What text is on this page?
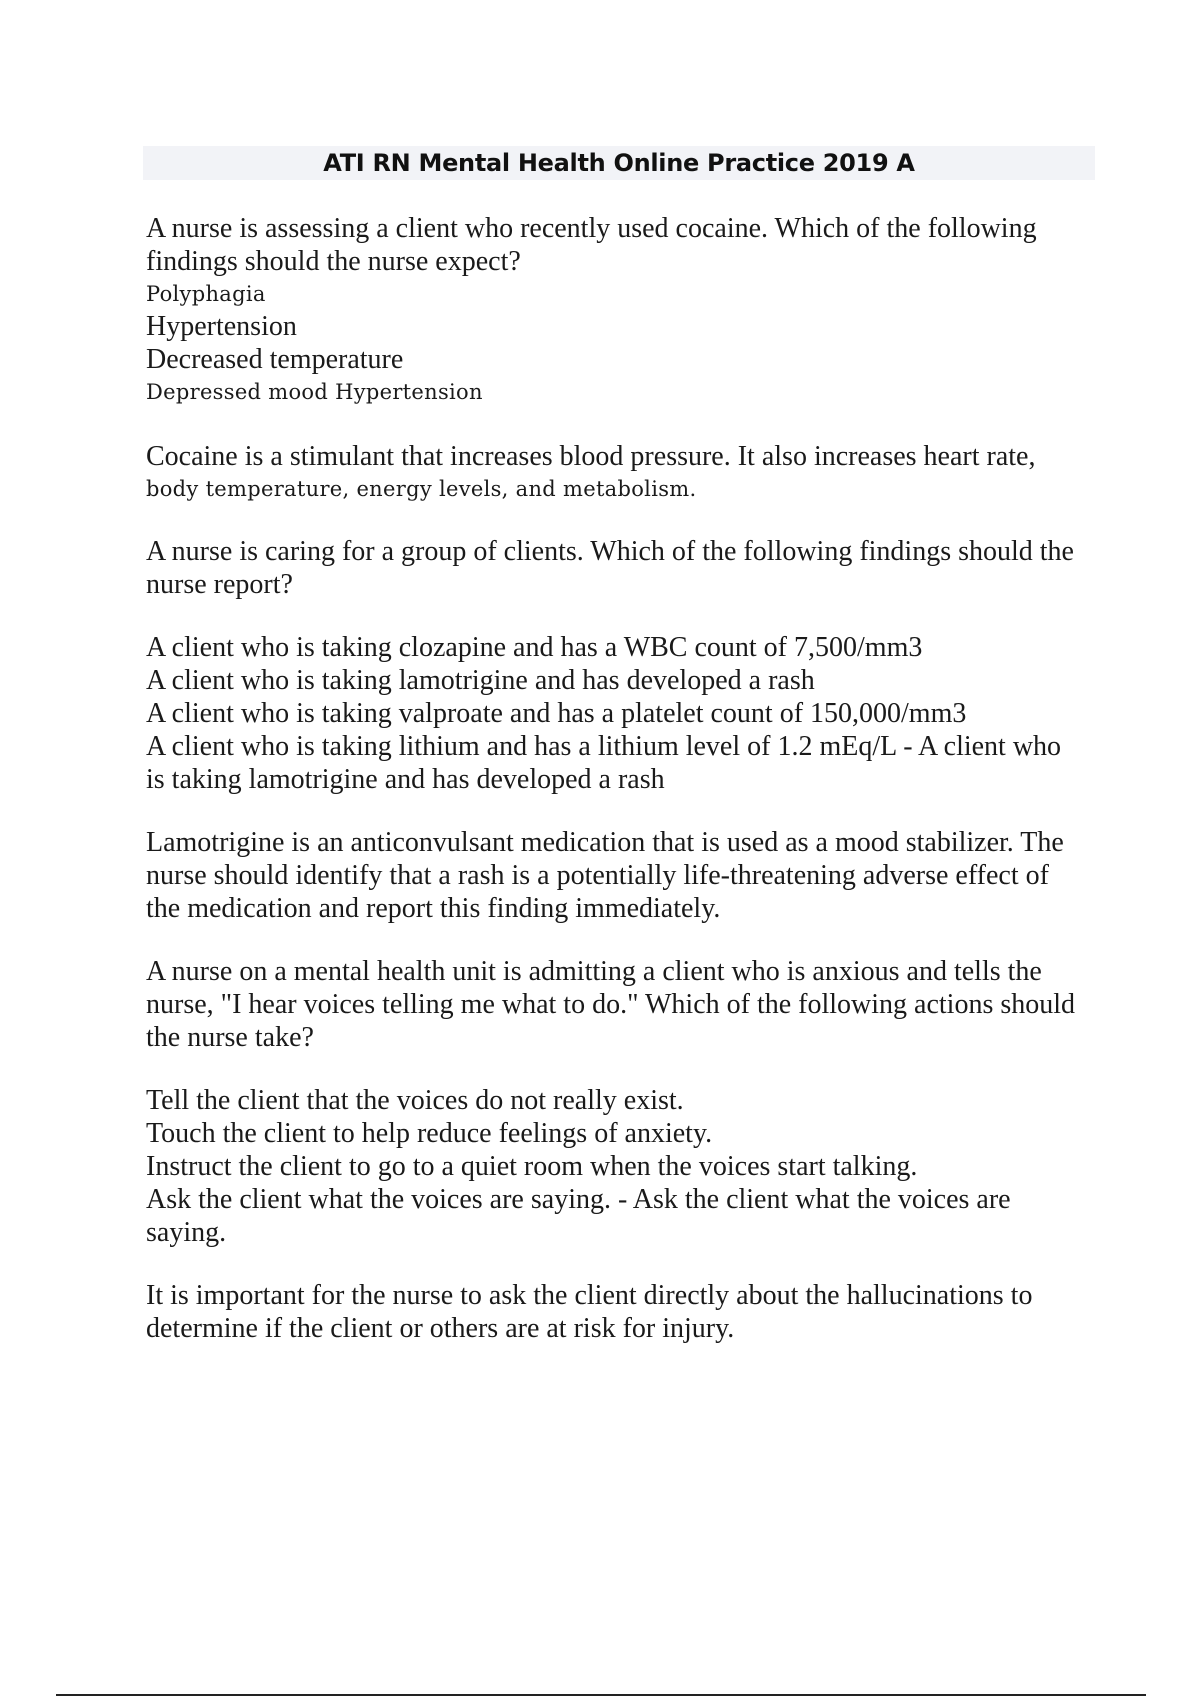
ATI RN Mental Health Online Practice 2019 A
A nurse is assessing a client who recently used cocaine. Which of the following
findings should the nurse expect?
Polyphagia
Hypertension
Decreased temperature
Depressed mood Hypertension
Cocaine is a stimulant that increases blood pressure. It also increases heart rate,
body temperature, energy levels, and metabolism.
A nurse is caring for a group of clients. Which of the following findings should the
nurse report?
A client who is taking clozapine and has a WBC count of 7,500/mm3
A client who is taking lamotrigine and has developed a rash
A client who is taking valproate and has a platelet count of 150,000/mm3
A client who is taking lithium and has a lithium level of 1.2 mEq/L - A client who
is taking lamotrigine and has developed a rash
Lamotrigine is an anticonvulsant medication that is used as a mood stabilizer. The
nurse should identify that a rash is a potentially life-threatening adverse effect of
the medication and report this finding immediately.
A nurse on a mental health unit is admitting a client who is anxious and tells the
nurse, "I hear voices telling me what to do." Which of the following actions should
the nurse take?
Tell the client that the voices do not really exist.
Touch the client to help reduce feelings of anxiety.
Instruct the client to go to a quiet room when the voices start talking.
Ask the client what the voices are saying. - Ask the client what the voices are
saying.
It is important for the nurse to ask the client directly about the hallucinations to
determine if the client or others are at risk for injury.
